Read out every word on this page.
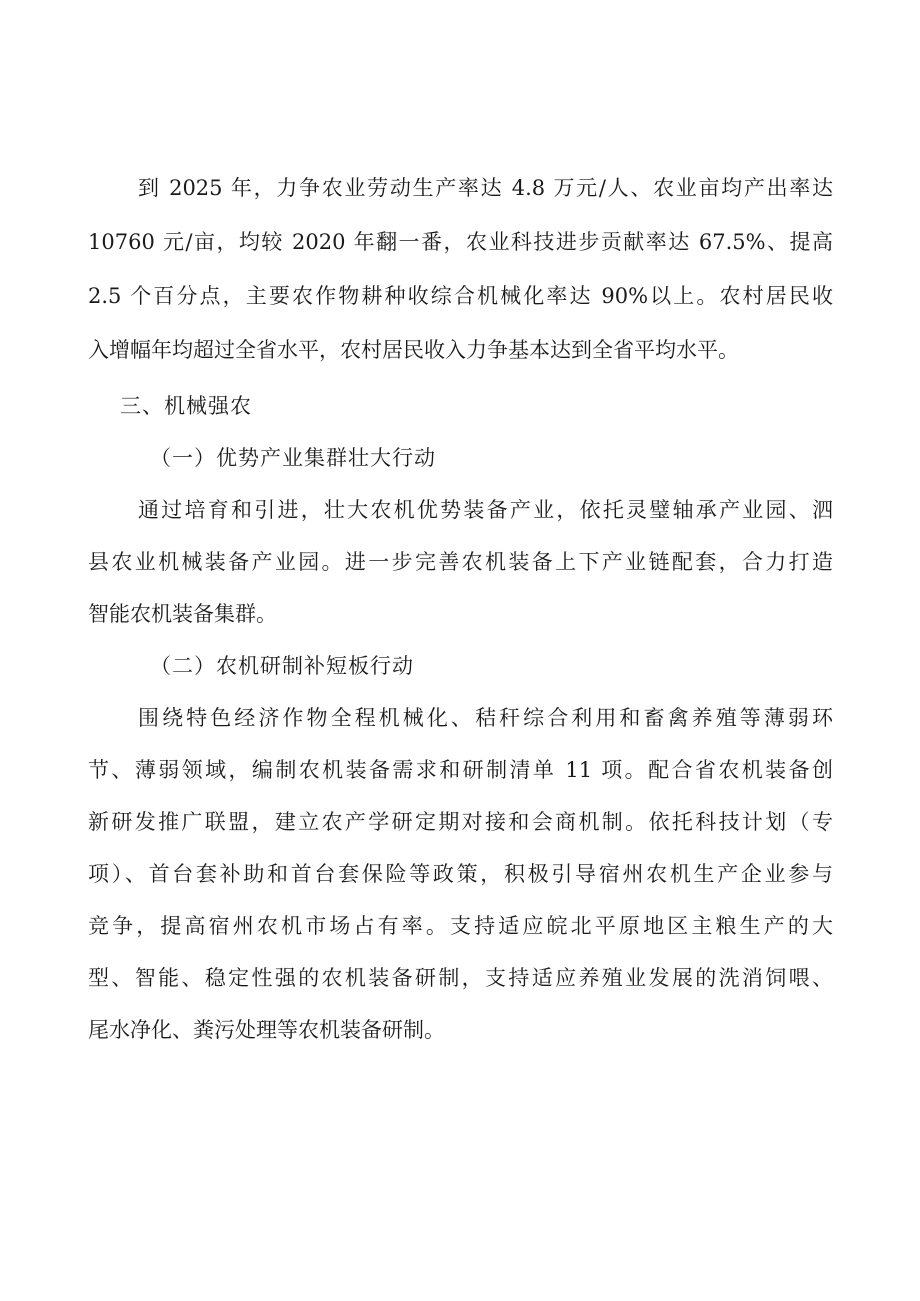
到 2025 年，力争农业劳动生产率达 4.8 万元/人、农业亩均产出率达
10760 元/亩，均较 2020 年翻一番，农业科技进步贡献率达 67.5%、提高
2.5 个百分点，主要农作物耕种收综合机械化率达 90%以上。农村居民收
入增幅年均超过全省水平，农村居民收入力争基本达到全省平均水平。
三、机械强农
（一）优势产业集群壮大行动
通过培育和引进，壮大农机优势装备产业，依托灵璧轴承产业园、泗
县农业机械装备产业园。进一步完善农机装备上下产业链配套，合力打造
智能农机装备集群。
（二）农机研制补短板行动
围绕特色经济作物全程机械化、秸秆综合利用和畜禽养殖等薄弱环
节、薄弱领域，编制农机装备需求和研制清单 11 项。配合省农机装备创
新研发推广联盟，建立农产学研定期对接和会商机制。依托科技计划（专
项）、首台套补助和首台套保险等政策，积极引导宿州农机生产企业参与
竞争，提高宿州农机市场占有率。支持适应皖北平原地区主粮生产的大
型、智能、稳定性强的农机装备研制，支持适应养殖业发展的洗消饲喂、
尾水净化、粪污处理等农机装备研制。
